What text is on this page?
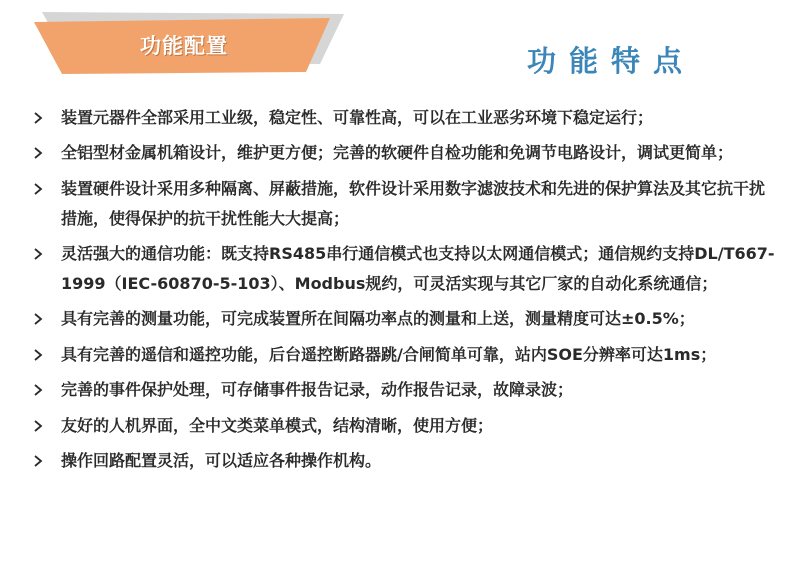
功能配置	功能特点
装置元器件全部采用工业级，稳定性、可靠性高，可以在工业恶劣环境下稳定运行；
全铝型材金属机箱设计，维护更方便；完善的软硬件自检功能和免调节电路设计，调试更简单；
装置硬件设计采用多种隔离、屏蔽措施，软件设计采用数字滤波技术和先进的保护算法及其它抗干扰措施，使得保护的抗干扰性能大大提高；
灵活强大的通信功能：既支持RS485串行通信模式也支持以太网通信模式；通信规约支持DL/T667-1999（IEC-60870-5-103）、Modbus规约，可灵活实现与其它厂家的自动化系统通信；
具有完善的测量功能，可完成装置所在间隔功率点的测量和上送，测量精度可达±0.5%；
具有完善的遥信和遥控功能，后台遥控断路器跳/合闸简单可靠，站内SOE分辨率可达1ms；
完善的事件保护处理，可存储事件报告记录，动作报告记录，故障录波；
友好的人机界面，全中文类菜单模式，结构清晰，使用方便；
操作回路配置灵活，可以适应各种操作机构。
